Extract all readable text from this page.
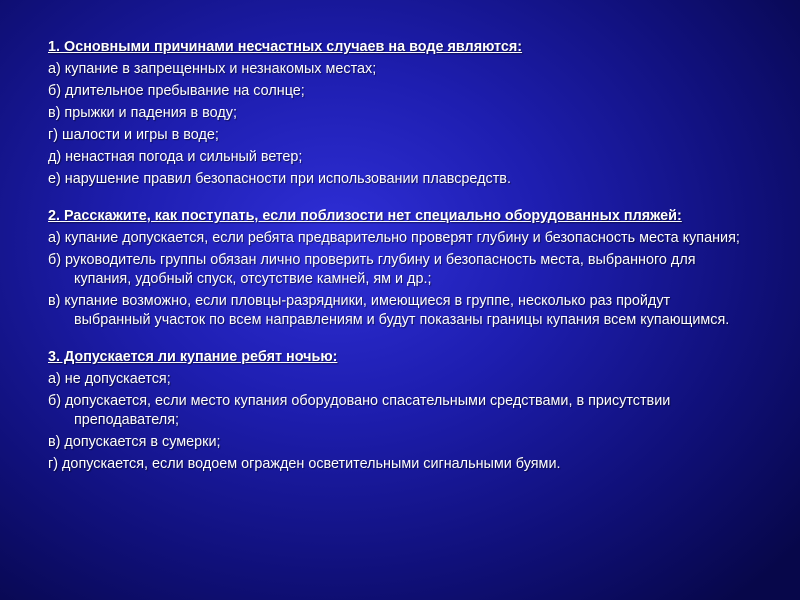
1. Основными причинами несчастных случаев на воде являются:
а) купание в запрещенных и незнакомых местах;
б) длительное пребывание на солнце;
в) прыжки и падения в воду;
г) шалости и игры в воде;
д) ненастная погода и сильный ветер;
е) нарушение правил безопасности при использовании плавсредств.
2. Расскажите, как поступать, если поблизости нет специально оборудованных пляжей:
а) купание допускается, если ребята предварительно проверят глубину и безопасность места купания;
б) руководитель группы обязан лично проверить глубину и безопасность места, выбранного для купания, удобный спуск, отсутствие камней, ям и др.;
в) купание возможно, если пловцы-разрядники, имеющиеся в группе, несколько раз пройдут выбранный участок по всем направлениям и будут показаны границы купания всем купающимся.
3. Допускается ли купание ребят ночью:
а) не допускается;
б) допускается, если место купания оборудовано спасательными средствами, в присутствии преподавателя;
в) допускается в сумерки;
г) допускается, если водоем огражден осветительными сигнальными буями.
